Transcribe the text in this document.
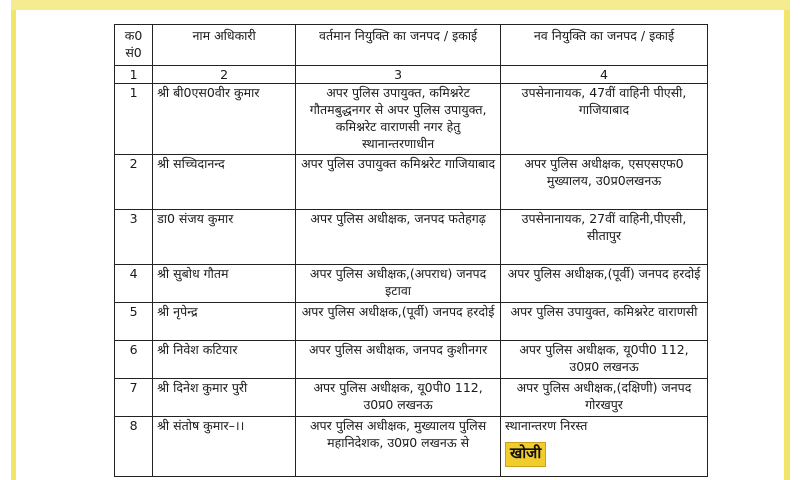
क0 सं0	नाम अधिकारी	वर्तमान नियुक्ति का जनपद / इकाई	नव नियुक्ति का जनपद / इकाई
1	2	3	4
1	श्री बी0एस0वीर कुमार	अपर पुलिस उपायुक्त, कमिश्नरेट गौतमबुद्धनगर से अपर पुलिस उपायुक्त, कमिश्नरेट वाराणसी नगर हेतु स्थानान्तरणाधीन	उपसेनानायक, 47वीं वाहिनी पीएसी, गाजियाबाद
2	श्री सच्चिदानन्द	अपर पुलिस उपायुक्त कमिश्नरेट गाजियाबाद	अपर पुलिस अधीक्षक, एसएसएफ0 मुख्यालय, उ0प्र0लखनऊ
3	डा0 संजय कुमार	अपर पुलिस अधीक्षक, जनपद फतेहगढ़	उपसेनानायक, 27वीं वाहिनी,पीएसी, सीतापुर
4	श्री सुबोध गौतम	अपर पुलिस अधीक्षक,(अपराध) जनपद इटावा	अपर पुलिस अधीक्षक,(पूर्वी) जनपद हरदोई
5	श्री नृपेन्द्र	अपर पुलिस अधीक्षक,(पूर्वी) जनपद हरदोई	अपर पुलिस उपायुक्त, कमिश्नरेट वाराणसी
6	श्री निवेश कटियार	अपर पुलिस अधीक्षक, जनपद कुशीनगर	अपर पुलिस अधीक्षक, यू0पी0 112, उ0प्र0 लखनऊ
7	श्री दिनेश कुमार पुरी	अपर पुलिस अधीक्षक, यू0पी0 112, उ0प्र0 लखनऊ	अपर पुलिस अधीक्षक,(दक्षिणी) जनपद गोरखपुर
8	श्री संतोष कुमार–।।	अपर पुलिस अधीक्षक, मुख्यालय पुलिस महानिदेशक, उ0प्र0 लखनऊ से	स्थानान्तरण निरस्त
खोजी
